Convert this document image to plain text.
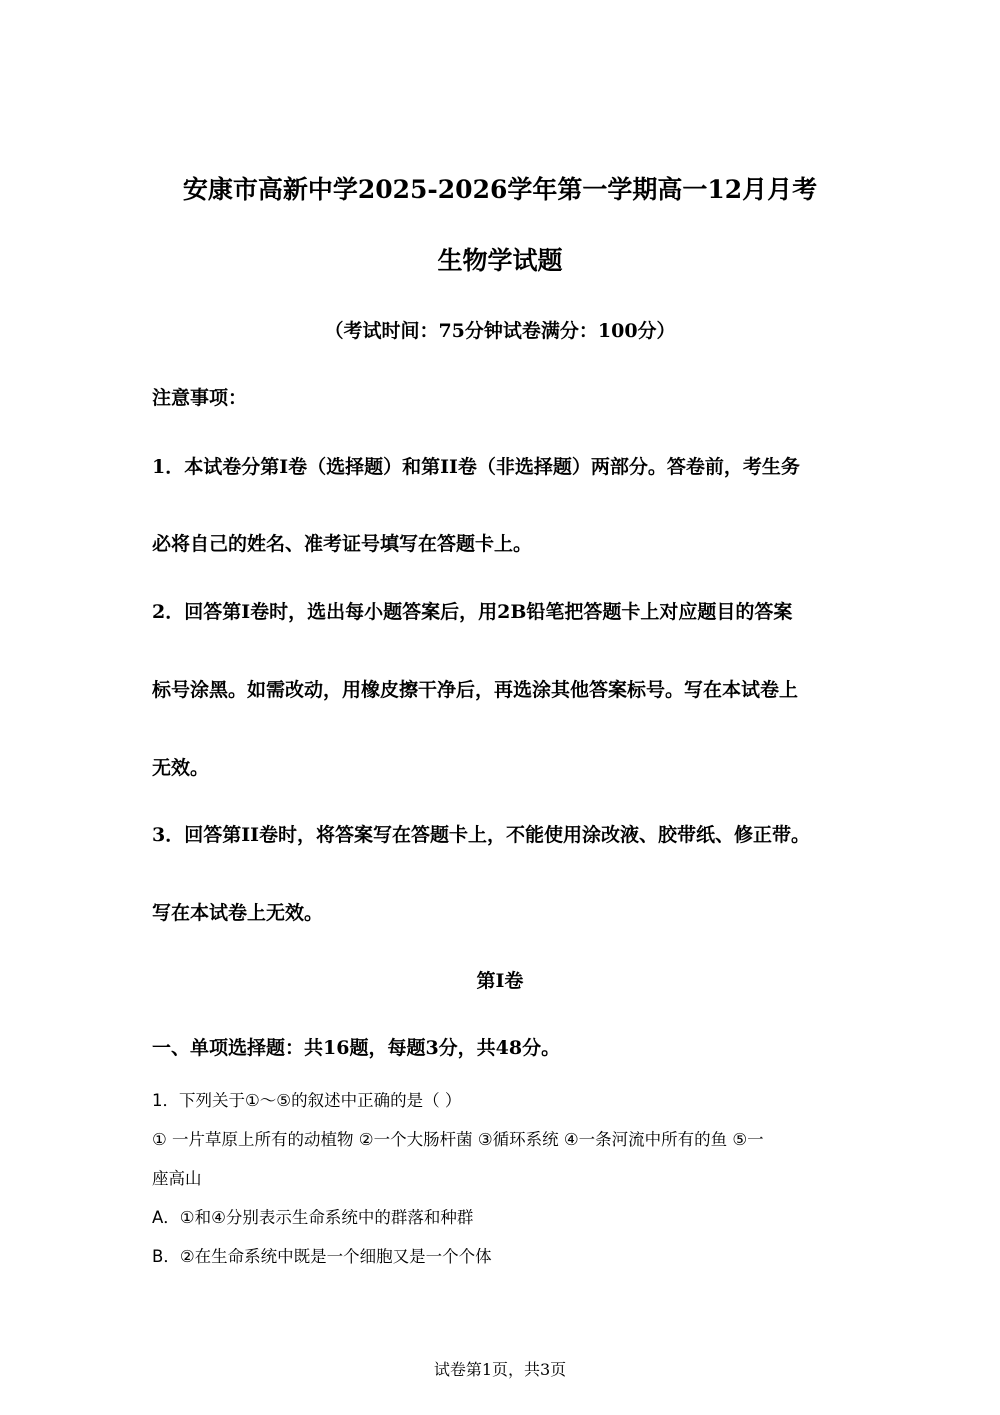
安康市高新中学2025-2026学年第一学期高一12月月考
生物学试题
（考试时间：75分钟试卷满分：100分）
注意事项：
1．本试卷分第I卷（选择题）和第II卷（非选择题）两部分。答卷前，考生务
必将自己的姓名、准考证号填写在答题卡上。
2．回答第I卷时，选出每小题答案后，用2B铅笔把答题卡上对应题目的答案
标号涂黑。如需改动，用橡皮擦干净后，再选涂其他答案标号。写在本试卷上
无效。
3．回答第II卷时，将答案写在答题卡上，不能使用涂改液、胶带纸、修正带。
写在本试卷上无效。
第I卷
一、单项选择题：共16题，每题3分，共48分。
1．下列关于①～⑤的叙述中正确的是（ ）
① 一片草原上所有的动植物 ②一个大肠杆菌 ③循环系统 ④一条河流中所有的鱼 ⑤一
座高山
A．①和④分别表示生命系统中的群落和种群
B．②在生命系统中既是一个细胞又是一个个体
试卷第1页，共3页
